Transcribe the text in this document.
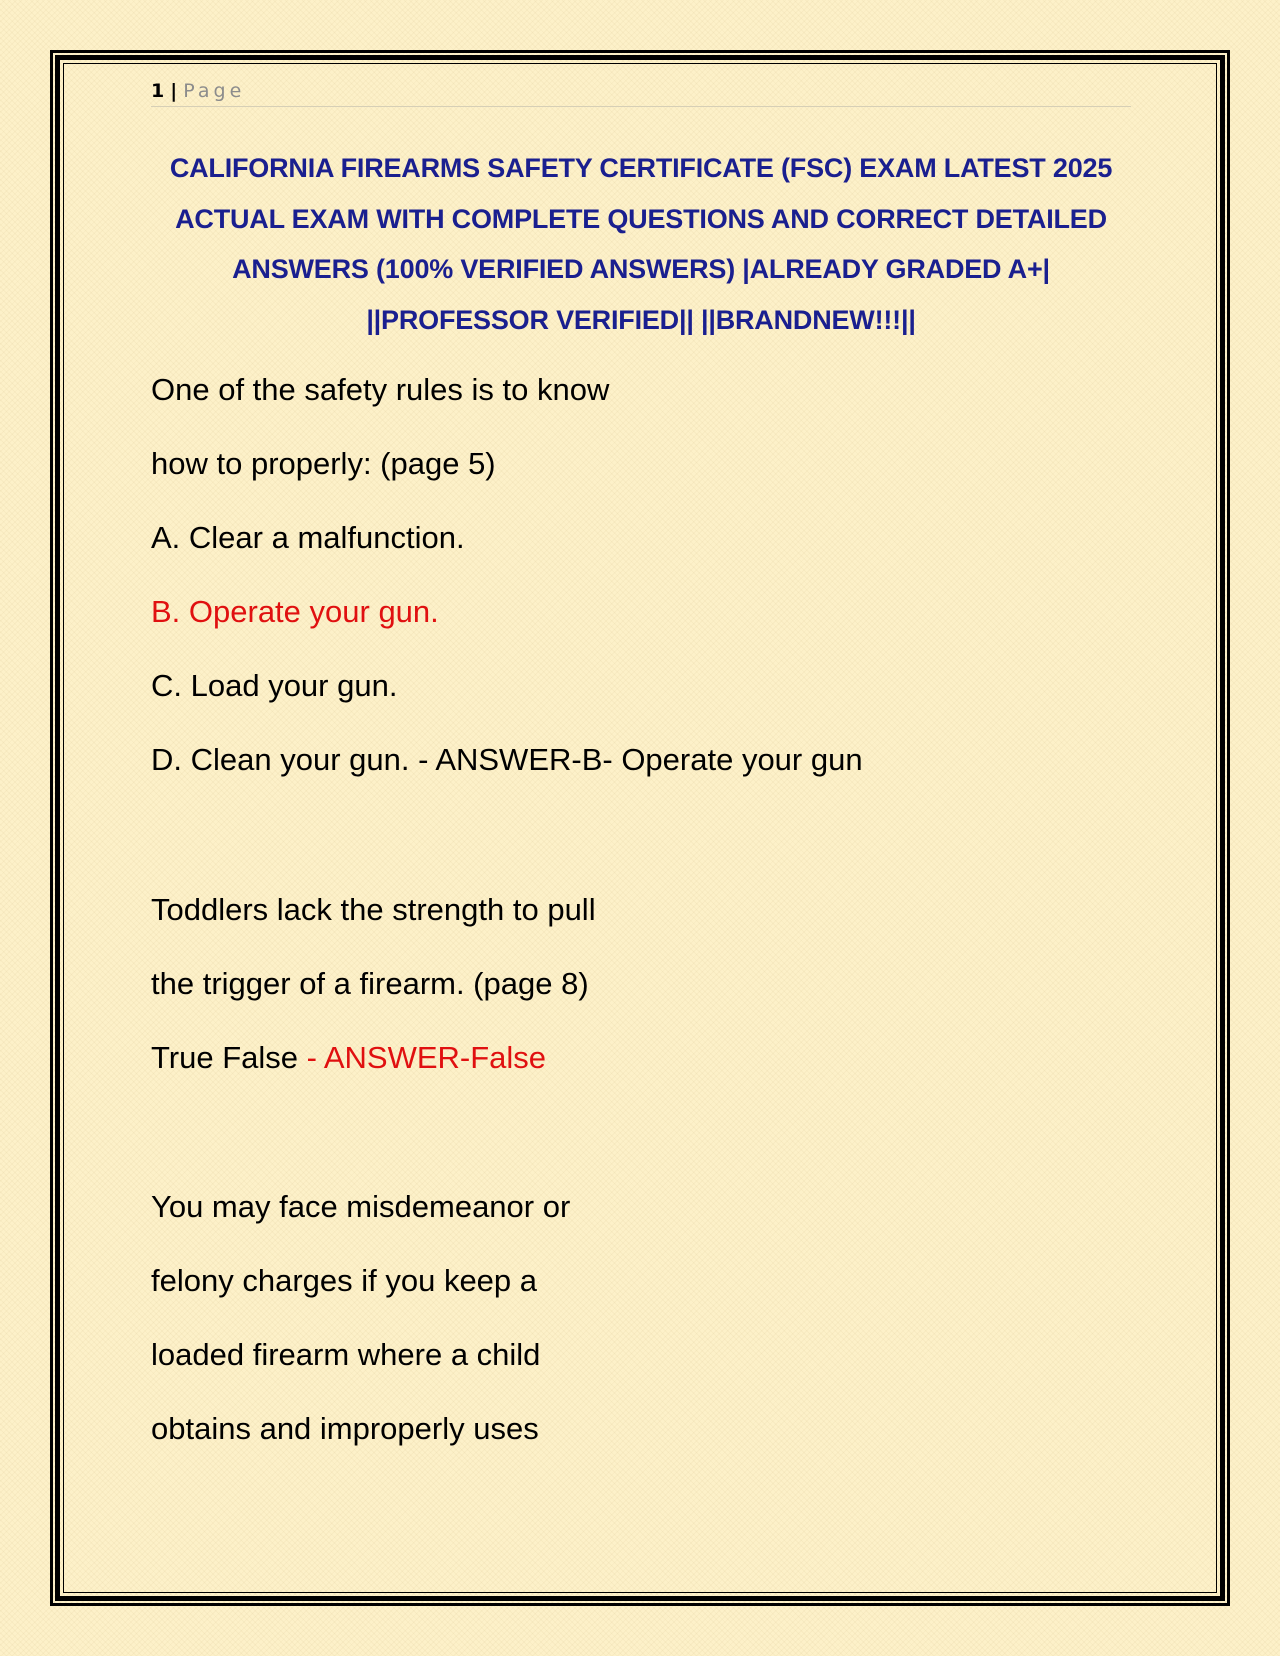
1 | Page
CALIFORNIA FIREARMS SAFETY CERTIFICATE (FSC) EXAM LATEST 2025 ACTUAL EXAM WITH COMPLETE QUESTIONS AND CORRECT DETAILED ANSWERS (100% VERIFIED ANSWERS) |ALREADY GRADED A+| ||PROFESSOR VERIFIED|| ||BRANDNEW!!!||
One of the safety rules is to know
how to properly: (page 5)
A. Clear a malfunction.
B. Operate your gun.
C. Load your gun.
D. Clean your gun. - ANSWER-B- Operate your gun
Toddlers lack the strength to pull
the trigger of a firearm. (page 8)
True False - ANSWER-False
You may face misdemeanor or
felony charges if you keep a
loaded firearm where a child
obtains and improperly uses
